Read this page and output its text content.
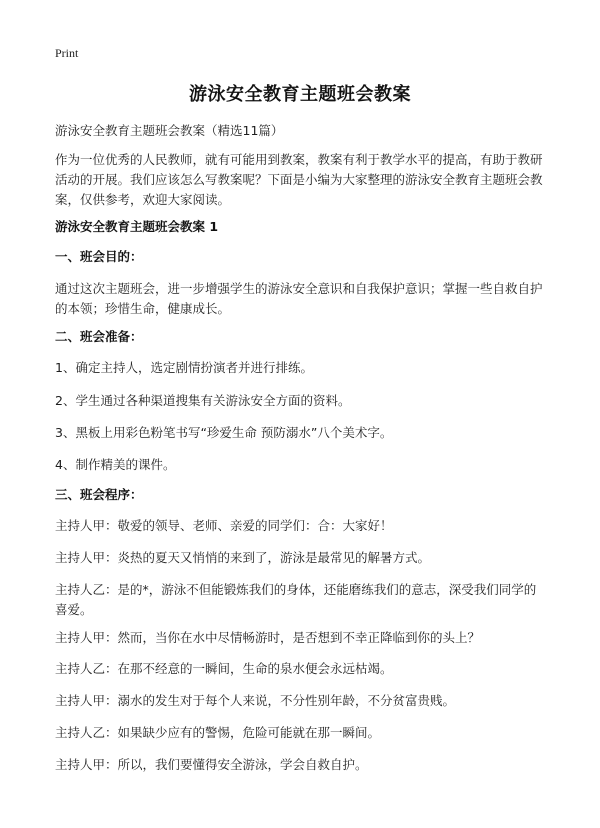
Print
游泳安全教育主题班会教案
游泳安全教育主题班会教案（精选11篇）
作为一位优秀的人民教师，就有可能用到教案，教案有利于教学水平的提高，有助于教研活动的开展。我们应该怎么写教案呢？下面是小编为大家整理的游泳安全教育主题班会教案，仅供参考，欢迎大家阅读。
游泳安全教育主题班会教案 1
一、班会目的：
通过这次主题班会，进一步增强学生的游泳安全意识和自我保护意识；掌握一些自救自护的本领；珍惜生命，健康成长。
二、班会准备：
1、确定主持人，选定剧情扮演者并进行排练。
2、学生通过各种渠道搜集有关游泳安全方面的资料。
3、黑板上用彩色粉笔书写“珍爱生命 预防溺水”八个美术字。
4、制作精美的课件。
三、班会程序：
主持人甲：敬爱的领导、老师、亲爱的同学们：合：大家好！
主持人甲：炎热的夏天又悄悄的来到了，游泳是最常见的解暑方式。
主持人乙：是的*，游泳不但能锻炼我们的身体，还能磨练我们的意志，深受我们同学的喜爱。
主持人甲：然而，当你在水中尽情畅游时，是否想到不幸正降临到你的头上？
主持人乙：在那不经意的一瞬间，生命的泉水便会永远枯竭。
主持人甲：溺水的发生对于每个人来说，不分性别年龄，不分贫富贵贱。
主持人乙：如果缺少应有的警惕，危险可能就在那一瞬间。
主持人甲：所以，我们要懂得安全游泳，学会自救自护。
